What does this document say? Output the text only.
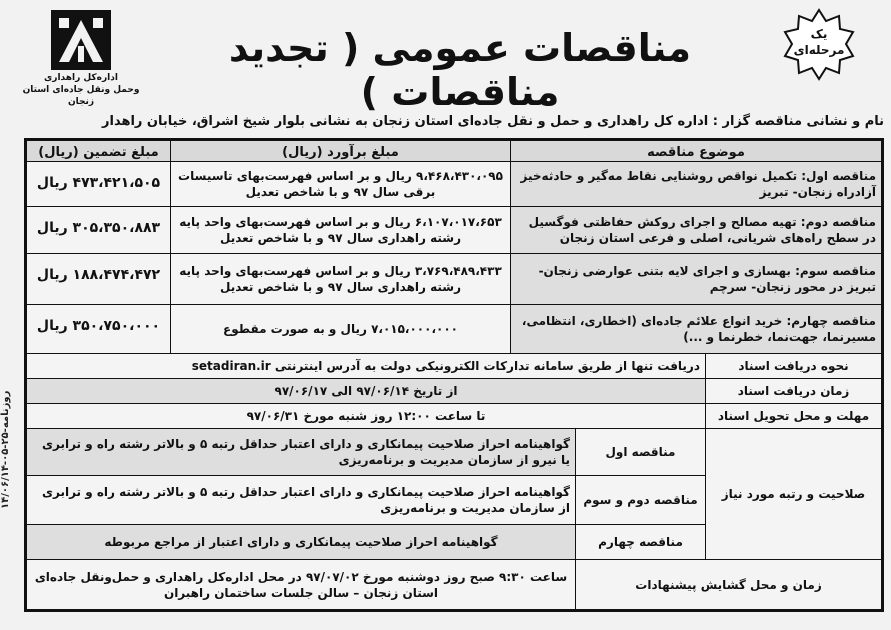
روزنامه-۲۵-۰۵-۱۴/۰۶/۱۴
اداره‌کل راهداری
وحمل ونقل جاده‌ای استان زنجان
مناقصات عمومی ( تجدید مناقصات )
یک
مرحله‌ای
نام و نشانی مناقصه گزار : اداره کل راهداری و حمل و نقل جاده‌ای استان زنجان به نشانی بلوار شیخ اشراق، خیابان راهدار
موضوع مناقصه
مبلغ برآورد (ریال)
مبلغ تضمین (ریال)
مناقصه اول: تکمیل نواقص روشنایی نقاط مه‌گیر و حادثه‌خیز آزادراه زنجان- تبریز
۹،۴۶۸،۴۳۰،۰۹۵ ریال و بر اساس فهرست‌بهای تاسیسات برقی سال ۹۷ و با شاخص تعدیل
۴۷۳،۴۲۱،۵۰۵ ریال
مناقصه دوم: تهیه مصالح و اجرای روکش حفاظتی فوگسیل در سطح راه‌های شریانی، اصلی و فرعی استان زنجان
۶،۱۰۷،۰۱۷،۶۵۳ ریال و بر اساس فهرست‌بهای واحد پایه رشته راهداری سال ۹۷ و با شاخص تعدیل
۳۰۵،۳۵۰،۸۸۳ ریال
مناقصه سوم: بهسازی و اجرای لایه بتنی عوارضی زنجان- تبریز در محور زنجان- سرچم
۳،۷۶۹،۴۸۹،۴۳۳ ریال و بر اساس فهرست‌بهای واحد پایه رشته راهداری سال ۹۷ و با شاخص تعدیل
۱۸۸،۴۷۴،۴۷۲ ریال
مناقصه چهارم: خرید انواع علائم جاده‌ای (اخطاری، انتظامی، مسیرنما، جهت‌نما، خطرنما و ...)
۷،۰۱۵،۰۰۰،۰۰۰ ریال و به صورت مقطوع
۳۵۰،۷۵۰،۰۰۰ ریال
نحوه دریافت اسناد
دریافت تنها از طریق سامانه تدارکات الکترونیکی دولت به آدرس اینترنتی setadiran.ir
زمان دریافت اسناد
از تاریخ ۹۷/۰۶/۱۴ الی ۹۷/۰۶/۱۷
مهلت و محل تحویل اسناد
تا ساعت ۱۲:۰۰ روز شنبه مورخ ۹۷/۰۶/۳۱
صلاحیت و رتبه مورد نیاز
مناقصه اول
گواهینامه احراز صلاحیت پیمانکاری و دارای اعتبار حداقل رتبه ۵ و بالاتر رشته راه و ترابری یا نیرو از سازمان مدیریت و برنامه‌ریزی
مناقصه دوم و سوم
گواهینامه احراز صلاحیت پیمانکاری و دارای اعتبار حداقل رتبه ۵ و بالاتر رشته راه و ترابری از سازمان مدیریت و برنامه‌ریزی
مناقصه چهارم
گواهینامه احراز صلاحیت پیمانکاری و دارای اعتبار از مراجع مربوطه
زمان و محل گشایش پیشنهادات
ساعت ۹:۳۰ صبح روز دوشنبه مورخ ۹۷/۰۷/۰۲ در محل اداره‌کل راهداری و حمل‌ونقل جاده‌ای استان زنجان – سالن جلسات ساختمان راهبران
